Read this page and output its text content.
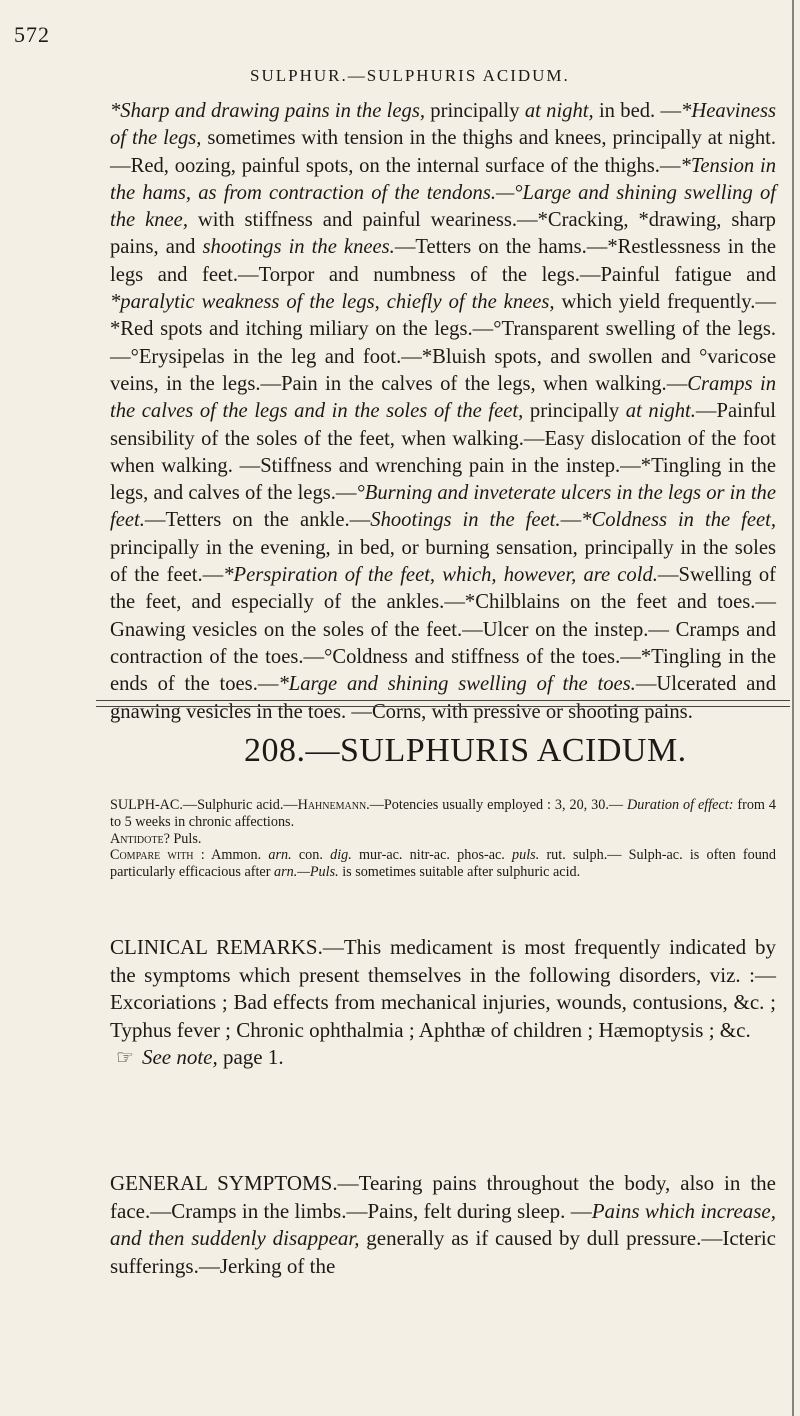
572
SULPHUR.—SULPHURIS ACIDUM.

*Sharp and drawing pains in the legs, principally at night, in bed. —*Heaviness of the legs, sometimes with tension in the thighs and knees, principally at night.—Red, oozing, painful spots, on the internal surface of the thighs.—*Tension in the hams, as from contraction of the tendons.—°Large and shining swelling of the knee, with stiffness and painful weariness.—*Cracking, *drawing, sharp pains, and shootings in the knees.—Tetters on the hams.—*Restlessness in the legs and feet.—Torpor and numbness of the legs.—Painful fatigue and *paralytic weakness of the legs, chiefly of the knees, which yield frequently.—*Red spots and itching miliary on the legs.—°Transparent swelling of the legs.—°Erysipelas in the leg and foot.—*Bluish spots, and swollen and °varicose veins, in the legs.—Pain in the calves of the legs, when walking.—Cramps in the calves of the legs and in the soles of the feet, principally at night.—Painful sensibility of the soles of the feet, when walking.—Easy dislocation of the foot when walking. —Stiffness and wrenching pain in the instep.—*Tingling in the legs, and calves of the legs.—°Burning and inveterate ulcers in the legs or in the feet.—Tetters on the ankle.—Shootings in the feet.—*Coldness in the feet, principally in the evening, in bed, or burning sensation, principally in the soles of the feet.—*Perspiration of the feet, which, however, are cold.—Swelling of the feet, and especially of the ankles.—*Chilblains on the feet and toes.— Gnawing vesicles on the soles of the feet.—Ulcer on the instep.— Cramps and contraction of the toes.—°Coldness and stiffness of the toes.—*Tingling in the ends of the toes.—*Large and shining swelling of the toes.—Ulcerated and gnawing vesicles in the toes. —Corns, with pressive or shooting pains.

208.—SULPHURIS ACIDUM.

SULPH-AC.—Sulphuric acid.—Hahnemann.—Potencies usually employed : 3, 20, 30.— Duration of effect: from 4 to 5 weeks in chronic affections.

Antidote? Puls.

Compare with : Ammon. arn. con. dig. mur-ac. nitr-ac. phos-ac. puls. rut. sulph.— Sulph-ac. is often found particularly efficacious after arn.—Puls. is sometimes suitable after sulphuric acid.

CLINICAL REMARKS.—This medicament is most frequently indicated by the symptoms which present themselves in the following disorders, viz. :—Excoriations ; Bad effects from mechanical injuries, wounds, contusions, &c. ; Typhus fever ; Chronic ophthalmia ; Aphthæ of children ; Hæmoptysis ; &c.

☞ See note, page 1.

GENERAL SYMPTOMS.—Tearing pains throughout the body, also in the face.—Cramps in the limbs.—Pains, felt during sleep. —Pains which increase, and then suddenly disappear, generally as if caused by dull pressure.—Icteric sufferings.—Jerking of the
